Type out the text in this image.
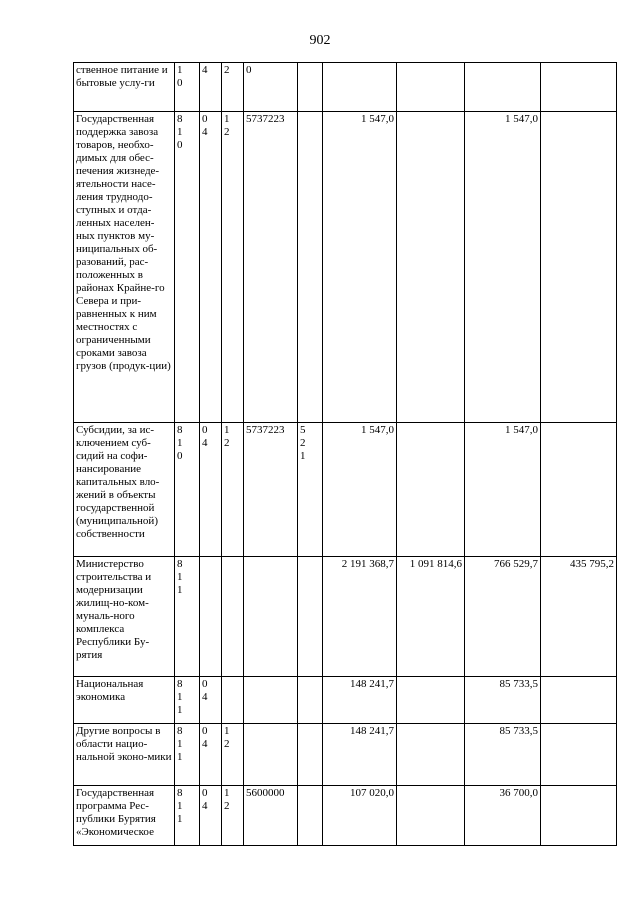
902
ственное питание и бытовые услу-ги	10	4	2	0					

Государственная поддержка завоза товаров, необхо-димых для обес-печения жизнеде-ятельности насе-ления труднодо-ступных и отда-ленных населен-ных пунктов му-ниципальных об-разований, рас-положенных в районах Крайне-го Севера и при-равненных к ним местностях с ограниченными сроками завоза грузов (продук-ции)	810	04	12	5737223		1 547,0		1 547,0	
Субсидии, за ис-ключением суб-сидий на софи-нансирование капитальных вло-жений в объекты государственной (муниципальной) собственности	810	04	12	5737223	521	1 547,0		1 547,0	
Министерство строительства и модернизации жилищ-но-ком-муналь-ного комплекса Республики Бу-рятия	811					2 191 368,7	1 091 814,6	766 529,7	435 795,2
Национальная экономика	811	04				148 241,7		85 733,5	
Другие вопросы в области нацио-нальной эконо-мики	811	04	12			148 241,7		85 733,5	
Государственная программа Рес-публики Бурятия «Экономическое	811	04	12	5600000		107 020,0		36 700,0	
